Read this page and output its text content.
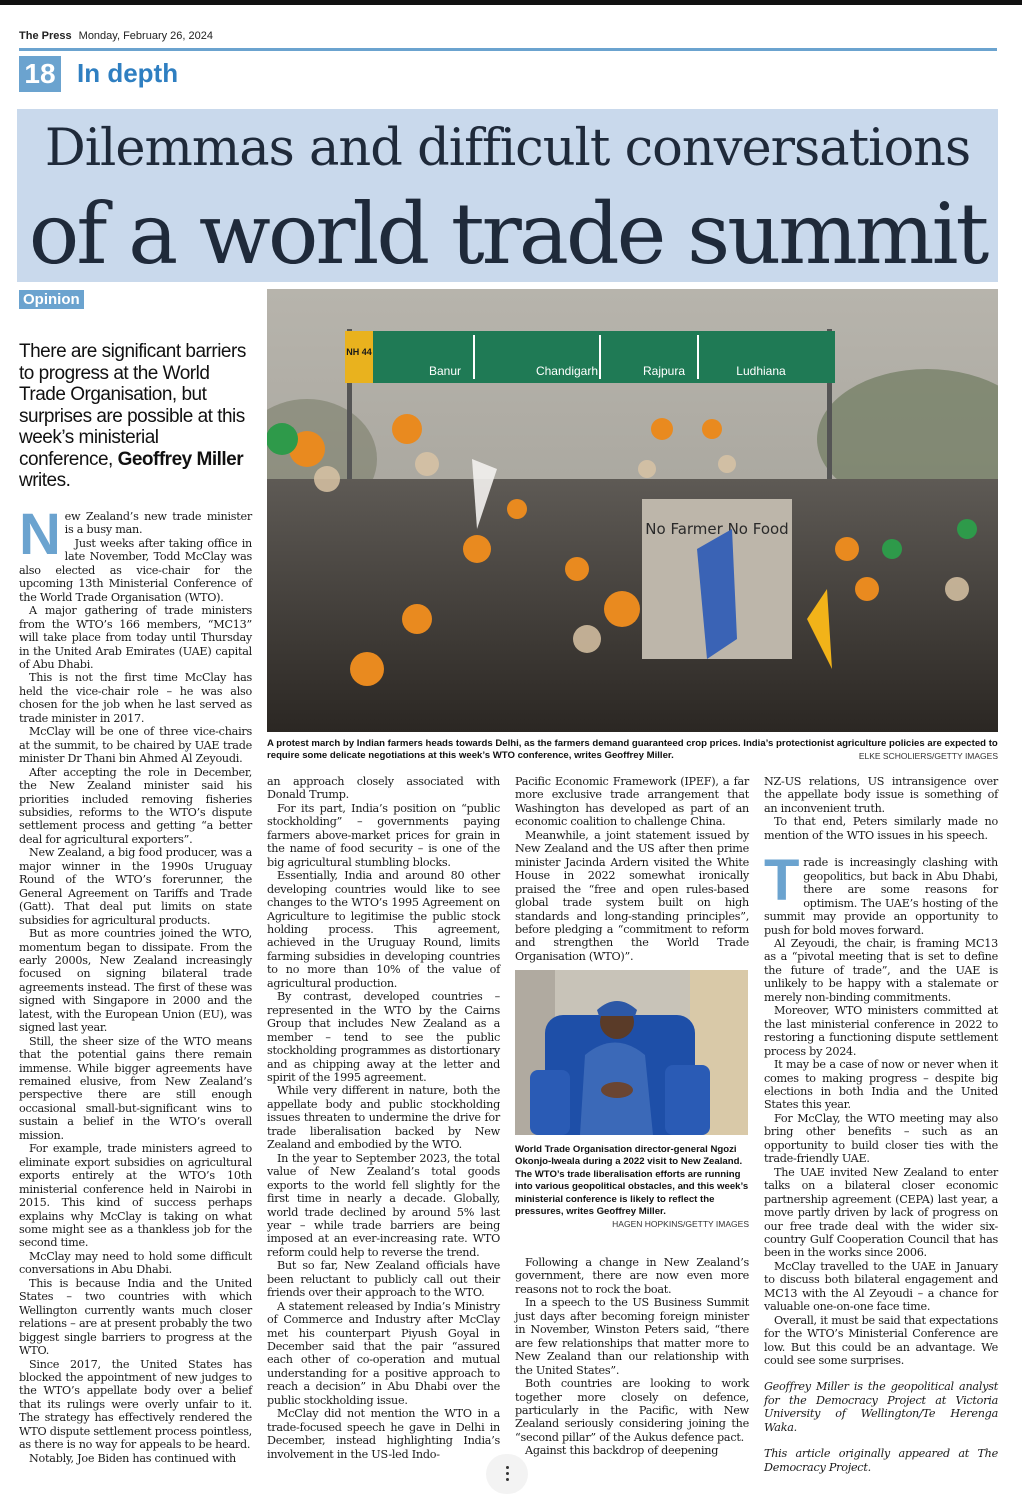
The Press Monday, February 26, 2024
18 In depth
Dilemmas and difficult conversations
of a world trade summit
Opinion
There are significant barriers to progress at the World Trade Organisation, but surprises are possible at this week’s ministerial conference, Geoffrey Miller writes.
N ew Zealand’s new trade minister is a busy man.

Just weeks after taking office in late November, Todd McClay was also elected as vice-chair for the upcoming 13th Ministerial Conference of the World Trade Organisation (WTO).

A major gathering of trade ministers from the WTO’s 166 members, “MC13” will take place from today until Thursday in the United Arab Emirates (UAE) capital of Abu Dhabi.

This is not the first time McClay has held the vice-chair role – he was also chosen for the job when he last served as trade minister in 2017.

McClay will be one of three vice-chairs at the summit, to be chaired by UAE trade minister Dr Thani bin Ahmed Al Zeyoudi.

After accepting the role in December, the New Zealand minister said his priorities included removing fisheries subsidies, reforms to the WTO’s dispute settlement process and getting “a better deal for agricultural exporters”.

New Zealand, a big food producer, was a major winner in the 1990s Uruguay Round of the WTO’s forerunner, the General Agreement on Tariffs and Trade (Gatt). That deal put limits on state subsidies for agricultural products.

But as more countries joined the WTO, momentum began to dissipate. From the early 2000s, New Zealand increasingly focused on signing bilateral trade agreements instead. The first of these was signed with Singapore in 2000 and the latest, with the European Union (EU), was signed last year.

Still, the sheer size of the WTO means that the potential gains there remain immense. While bigger agreements have remained elusive, from New Zealand’s perspective there are still enough occasional small-but-significant wins to sustain a belief in the WTO’s overall mission.

For example, trade ministers agreed to eliminate export subsidies on agricultural exports entirely at the WTO’s 10th ministerial conference held in Nairobi in 2015. This kind of success perhaps explains why McClay is taking on what some might see as a thankless job for the second time.

McClay may need to hold some difficult conversations in Abu Dhabi.

This is because India and the United States – two countries with which Wellington currently wants much closer relations – are at present probably the two biggest single barriers to progress at the WTO.

Since 2017, the United States has blocked the appointment of new judges to the WTO’s appellate body over a belief that its rulings were overly unfair to it. The strategy has effectively rendered the WTO dispute settlement process pointless, as there is no way for appeals to be heard.

Notably, Joe Biden has continued with

an approach closely associated with Donald Trump.

For its part, India’s position on “public stockholding” – governments paying farmers above-market prices for grain in the name of food security – is one of the big agricultural stumbling blocks.

Essentially, India and around 80 other developing countries would like to see changes to the WTO’s 1995 Agreement on Agriculture to legitimise the public stock holding process. This agreement, achieved in the Uruguay Round, limits farming subsidies in developing countries to no more than 10% of the value of agricultural production.

By contrast, developed countries – represented in the WTO by the Cairns Group that includes New Zealand as a member – tend to see the public stockholding programmes as distortionary and as chipping away at the letter and spirit of the 1995 agreement.

While very different in nature, both the appellate body and public stockholding issues threaten to undermine the drive for trade liberalisation backed by New Zealand and embodied by the WTO.

In the year to September 2023, the total value of New Zealand’s total goods exports to the world fell slightly for the first time in nearly a decade. Globally, world trade declined by around 5% last year – while trade barriers are being imposed at an ever-increasing rate. WTO reform could help to reverse the trend.

But so far, New Zealand officials have been reluctant to publicly call out their friends over their approach to the WTO.

A statement released by India’s Ministry of Commerce and Industry after McClay met his counterpart Piyush Goyal in December said that the pair “assured each other of co-operation and mutual understanding for a positive approach to reach a decision” in Abu Dhabi over the public stockholding issue.

McClay did not mention the WTO in a trade-focused speech he gave in Delhi in December, instead highlighting India’s involvement in the US-led Indo-

Pacific Economic Framework (IPEF), a far more exclusive trade arrangement that Washington has developed as part of an economic coalition to challenge China.

Meanwhile, a joint statement issued by New Zealand and the US after then prime minister Jacinda Ardern visited the White House in 2022 somewhat ironically praised the “free and open rules-based global trade system built on high standards and long-standing principles”, before pledging a “commitment to reform and strengthen the World Trade Organisation (WTO)”.

Following a change in New Zealand’s government, there are now even more reasons not to rock the boat.

In a speech to the US Business Summit just days after becoming foreign minister in November, Winston Peters said, “there are few relationships that matter more to New Zealand than our relationship with the United States”.

Both countries are looking to work together more closely on defence, particularly in the Pacific, with New Zealand seriously considering joining the “second pillar” of the Aukus defence pact.

Against this backdrop of deepening

NZ-US relations, US intransigence over the appellate body issue is something of an inconvenient truth.

To that end, Peters similarly made no mention of the WTO issues in his speech.

T rade is increasingly clashing with geopolitics, but back in Abu Dhabi, there are some reasons for optimism. The UAE’s hosting of the summit may provide an opportunity to push for bold moves forward.

Al Zeyoudi, the chair, is framing MC13 as a “pivotal meeting that is set to define the future of trade”, and the UAE is unlikely to be happy with a stalemate or merely non-binding commitments.

Moreover, WTO ministers committed at the last ministerial conference in 2022 to restoring a functioning dispute settlement process by 2024.

It may be a case of now or never when it comes to making progress – despite big elections in both India and the United States this year.

For McClay, the WTO meeting may also bring other benefits – such as an opportunity to build closer ties with the trade-friendly UAE.

The UAE invited New Zealand to enter talks on a bilateral closer economic partnership agreement (CEPA) last year, a move partly driven by lack of progress on our free trade deal with the wider six-country Gulf Cooperation Council that has been in the works since 2006.

McClay travelled to the UAE in January to discuss both bilateral engagement and MC13 with the Al Zeyoudi – a chance for valuable one-on-one face time.

Overall, it must be said that expectations for the WTO’s Ministerial Conference are low. But this could be an advantage. We could see some surprises.

Geoffrey Miller is the geopolitical analyst for the Democracy Project at Victoria University of Wellington/Te Herenga Waka.

This article originally appeared at The Democracy Project.

NH 44
Banur	Chandigarh	Rajpura	Ludhiana
No Farmer No Food
A protest march by Indian farmers heads towards Delhi, as the farmers demand guaranteed crop prices. India’s protectionist agriculture policies are expected to require some delicate negotiations at this week’s WTO conference, writes Geoffrey Miller.	ELKE SCHOLIERS/GETTY IMAGES
World Trade Organisation director-general Ngozi Okonjo-Iweala during a 2022 visit to New Zealand. The WTO’s trade liberalisation efforts are running into various geopolitical obstacles, and this week’s ministerial conference is likely to reflect the pressures, writes Geoffrey Miller.
HAGEN HOPKINS/GETTY IMAGES
